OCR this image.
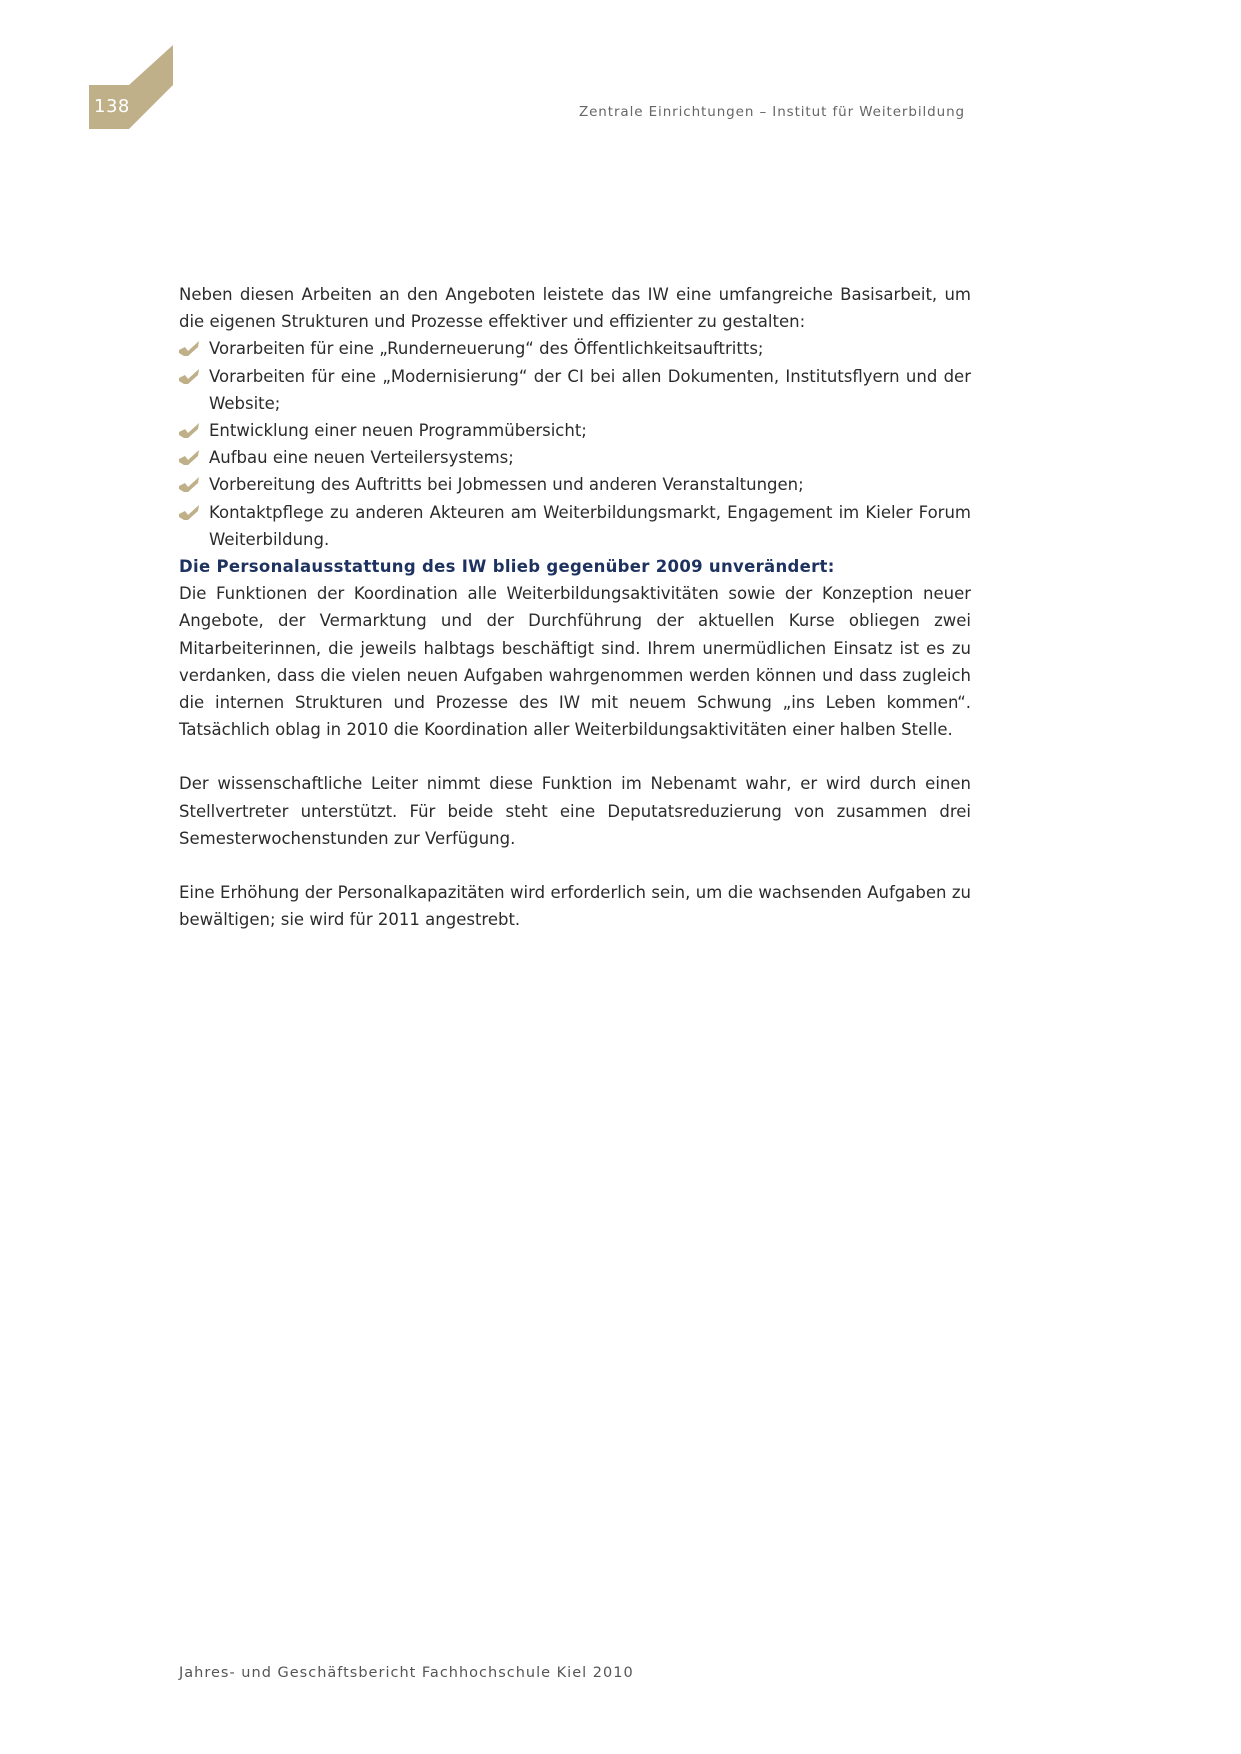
138	Zentrale Einrichtungen – Institut für Weiterbildung

Neben diesen Arbeiten an den Angeboten leistete das IW eine umfangreiche Basisarbeit, um die eigenen Strukturen und Prozesse effektiver und effizienter zu gestalten:

Vorarbeiten für eine „Runderneuerung“ des Öffentlichkeitsauftritts;
Vorarbeiten für eine „Modernisierung“ der CI bei allen Dokumenten, Institutsflyern und der Website;
Entwicklung einer neuen Programmübersicht;
Aufbau eine neuen Verteilersystems;
Vorbereitung des Auftritts bei Jobmessen und anderen Veranstaltungen;
Kontaktpflege zu anderen Akteuren am Weiterbildungsmarkt, Engagement im Kieler Forum Weiterbildung.

Die Personalausstattung des IW blieb gegenüber 2009 unverändert:

Die Funktionen der Koordination alle Weiterbildungsaktivitäten sowie der Konzeption neuer Angebote, der Vermarktung und der Durchführung der aktuellen Kurse obliegen zwei Mitarbeiterinnen, die jeweils halbtags beschäftigt sind. Ihrem unermüdlichen Einsatz ist es zu verdanken, dass die vielen neuen Aufgaben wahrgenommen werden können und dass zugleich die internen Strukturen und Prozesse des IW mit neuem Schwung „ins Leben kommen“. Tatsächlich oblag in 2010 die Koordination aller Weiterbildungsaktivitäten einer halben Stelle.

Der wissenschaftliche Leiter nimmt diese Funktion im Nebenamt wahr, er wird durch einen Stellvertreter unterstützt. Für beide steht eine Deputatsreduzierung von zusammen drei Semesterwochenstunden zur Verfügung.

Eine Erhöhung der Personalkapazitäten wird erforderlich sein, um die wachsenden Aufgaben zu bewältigen; sie wird für 2011 angestrebt.

Jahres- und Geschäftsbericht Fachhochschule Kiel 2010
